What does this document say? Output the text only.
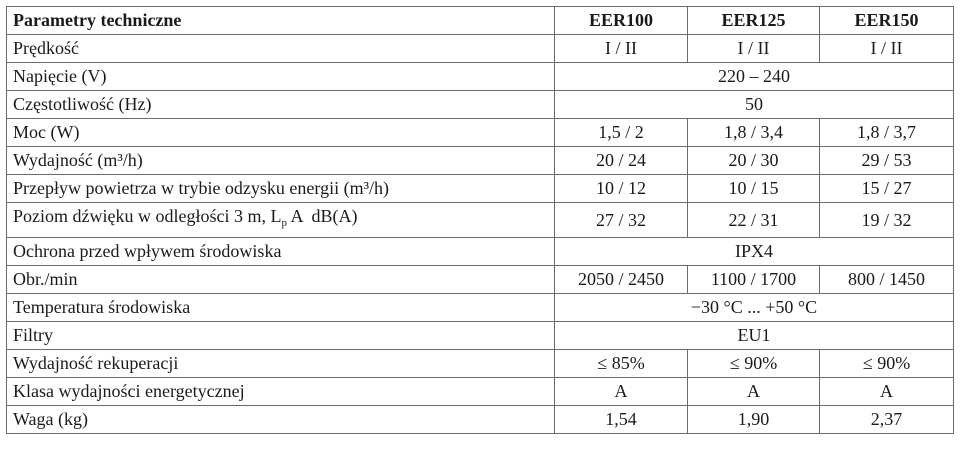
Parametry techniczne	EER100	EER125	EER150
Prędkość	I / II	I / II	I / II
Napięcie (V)	220 – 240		
Częstotliwość (Hz)	50		
Moc (W)	1,5 / 2	1,8 / 3,4	1,8 / 3,7
Wydajność (m³/h)	20 / 24	20 / 30	29 / 53
Przepływ powietrza w trybie odzysku energii (m³/h)	10 / 12	10 / 15	15 / 27
Poziom dźwięku w odległości 3 m, $L_p$ A  dB(A)	27 / 32	22 / 31	19 / 32
Ochrona przed wpływem środowiska	IPX4		
Obr./min	2050 / 2450	1100 / 1700	800 / 1450
Temperatura środowiska	−30 °C ... +50 °C		
Filtry	EU1		
Wydajność rekuperacji	≤ 85%	≤ 90%	≤ 90%
Klasa wydajności energetycznej	A	A	A
Waga (kg)	1,54	1,90	2,37
